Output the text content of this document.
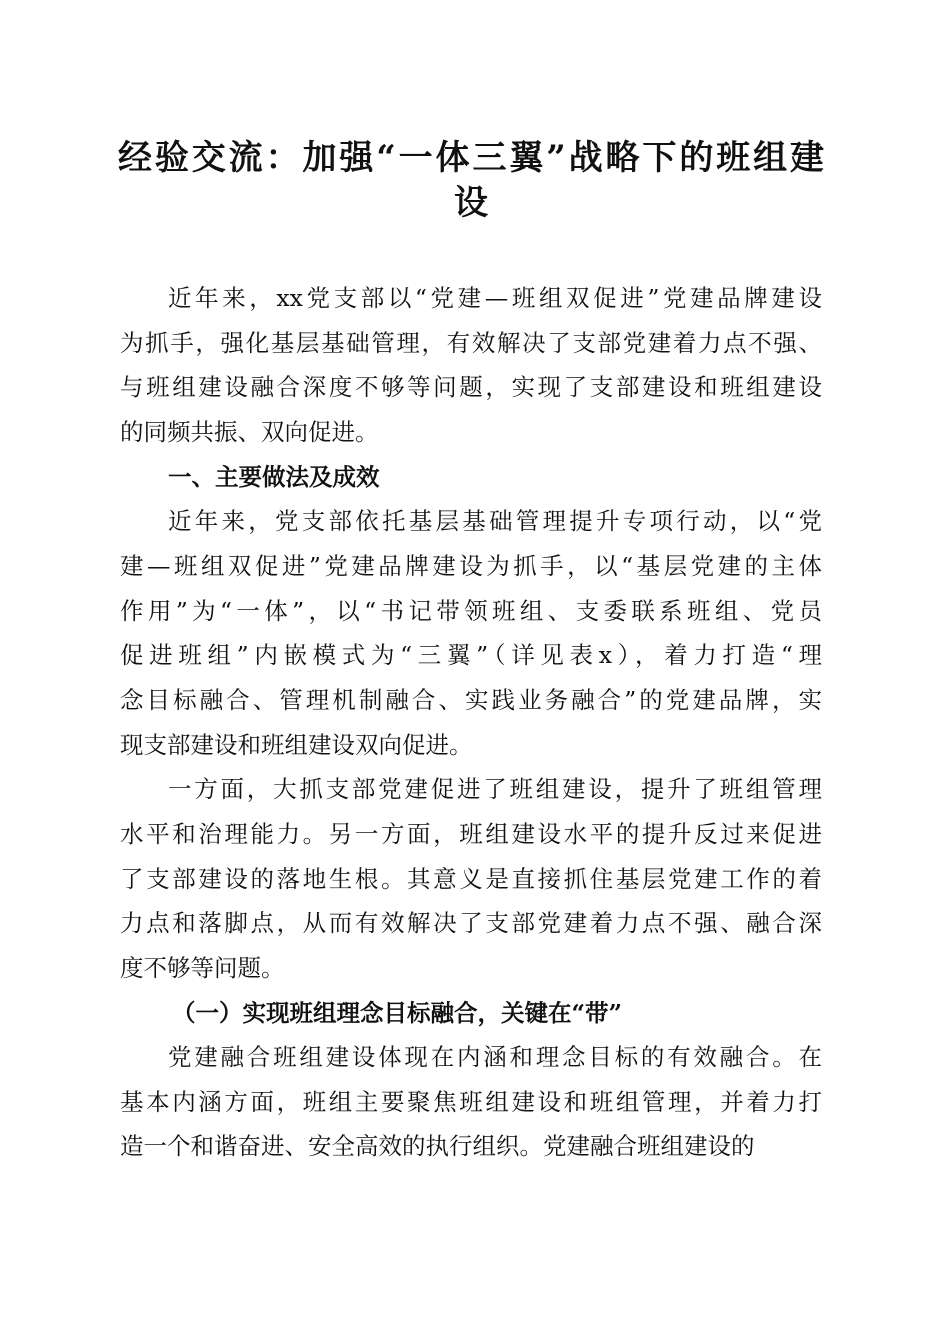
经验交流：加强“一体三翼”战略下的班组建
设
近年来，xx党支部以“党建—班组双促进”党建品牌建设
为抓手，强化基层基础管理，有效解决了支部党建着力点不强、
与班组建设融合深度不够等问题，实现了支部建设和班组建设
的同频共振、双向促进。
一、主要做法及成效
近年来，党支部依托基层基础管理提升专项行动，以“党
建—班组双促进”党建品牌建设为抓手，以“基层党建的主体
作用”为“一体”，以“书记带领班组、支委联系班组、党员
促进班组”内嵌模式为“三翼”（详见表x），着力打造“理
念目标融合、管理机制融合、实践业务融合”的党建品牌，实
现支部建设和班组建设双向促进。
一方面，大抓支部党建促进了班组建设，提升了班组管理
水平和治理能力。另一方面，班组建设水平的提升反过来促进
了支部建设的落地生根。其意义是直接抓住基层党建工作的着
力点和落脚点，从而有效解决了支部党建着力点不强、融合深
度不够等问题。
（一）实现班组理念目标融合，关键在“带”
党建融合班组建设体现在内涵和理念目标的有效融合。在
基本内涵方面，班组主要聚焦班组建设和班组管理，并着力打
造一个和谐奋进、安全高效的执行组织。党建融合班组建设的
